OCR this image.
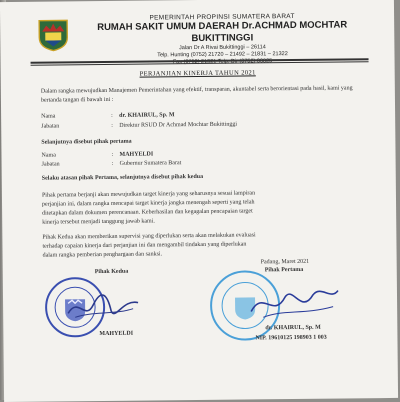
PEMERINTAH PROPINSI SUMATERA BARAT
RUMAH SAKIT UMUM DAERAH Dr.ACHMAD MOCHTAR BUKITTINGGI
Jalan Dr A Rivai Bukittinggi – 26114
Telp. Hunting (0752) 21720 – 21492 – 21831 – 21322
Fax (0752) 21321 Telp. Dir (0752) 33825
PERJANJIAN KINERJA TAHUN 2021
Dalam rangka mewujudkan Manajemen Pemerintahan yang efektif, transparan, akuntabel serta berorientasi pada hasil, kami yang bertanda tangan di bawah ini :
Nama	: dr. KHAIRUL, Sp. M
Jabatan	: Direktur RSUD Dr Achmad Mochtar Bukittinggi
Selanjutnya disebut pihak pertama
Nama	: MAHYELDI
Jabatan	: Gubernur Sumatera Barat
Selaku atasan pihak Pertama, selanjutnya disebut pihak kedua
Pihak pertama berjanji akan mewujudkan target kinerja yang seharusnya sesuai lampiran
perjanjian ini, dalam rangka mencapai target kinerja jangka menengah seperti yang telah
ditetapkan dalam dokumen perencanaan. Keberhasilan dan kegagalan pencapaian target
kinerja tersebut menjadi tanggung jawab kami.
Pihak Kedua akan memberikan supervisi yang diperlukan serta akan melakukan evaluasi
terhadap capaian kinerja dari perjanjian ini dan mengambil tindakan yang diperlukan
dalam rangka pemberian penghargaan dan sanksi.
Padang, Maret 2021
Pihak Kedua	Pihak Pertama
MAHYELDI
dr. KHAIRUL, Sp. M
NIP. 19610125 198903 1 003
